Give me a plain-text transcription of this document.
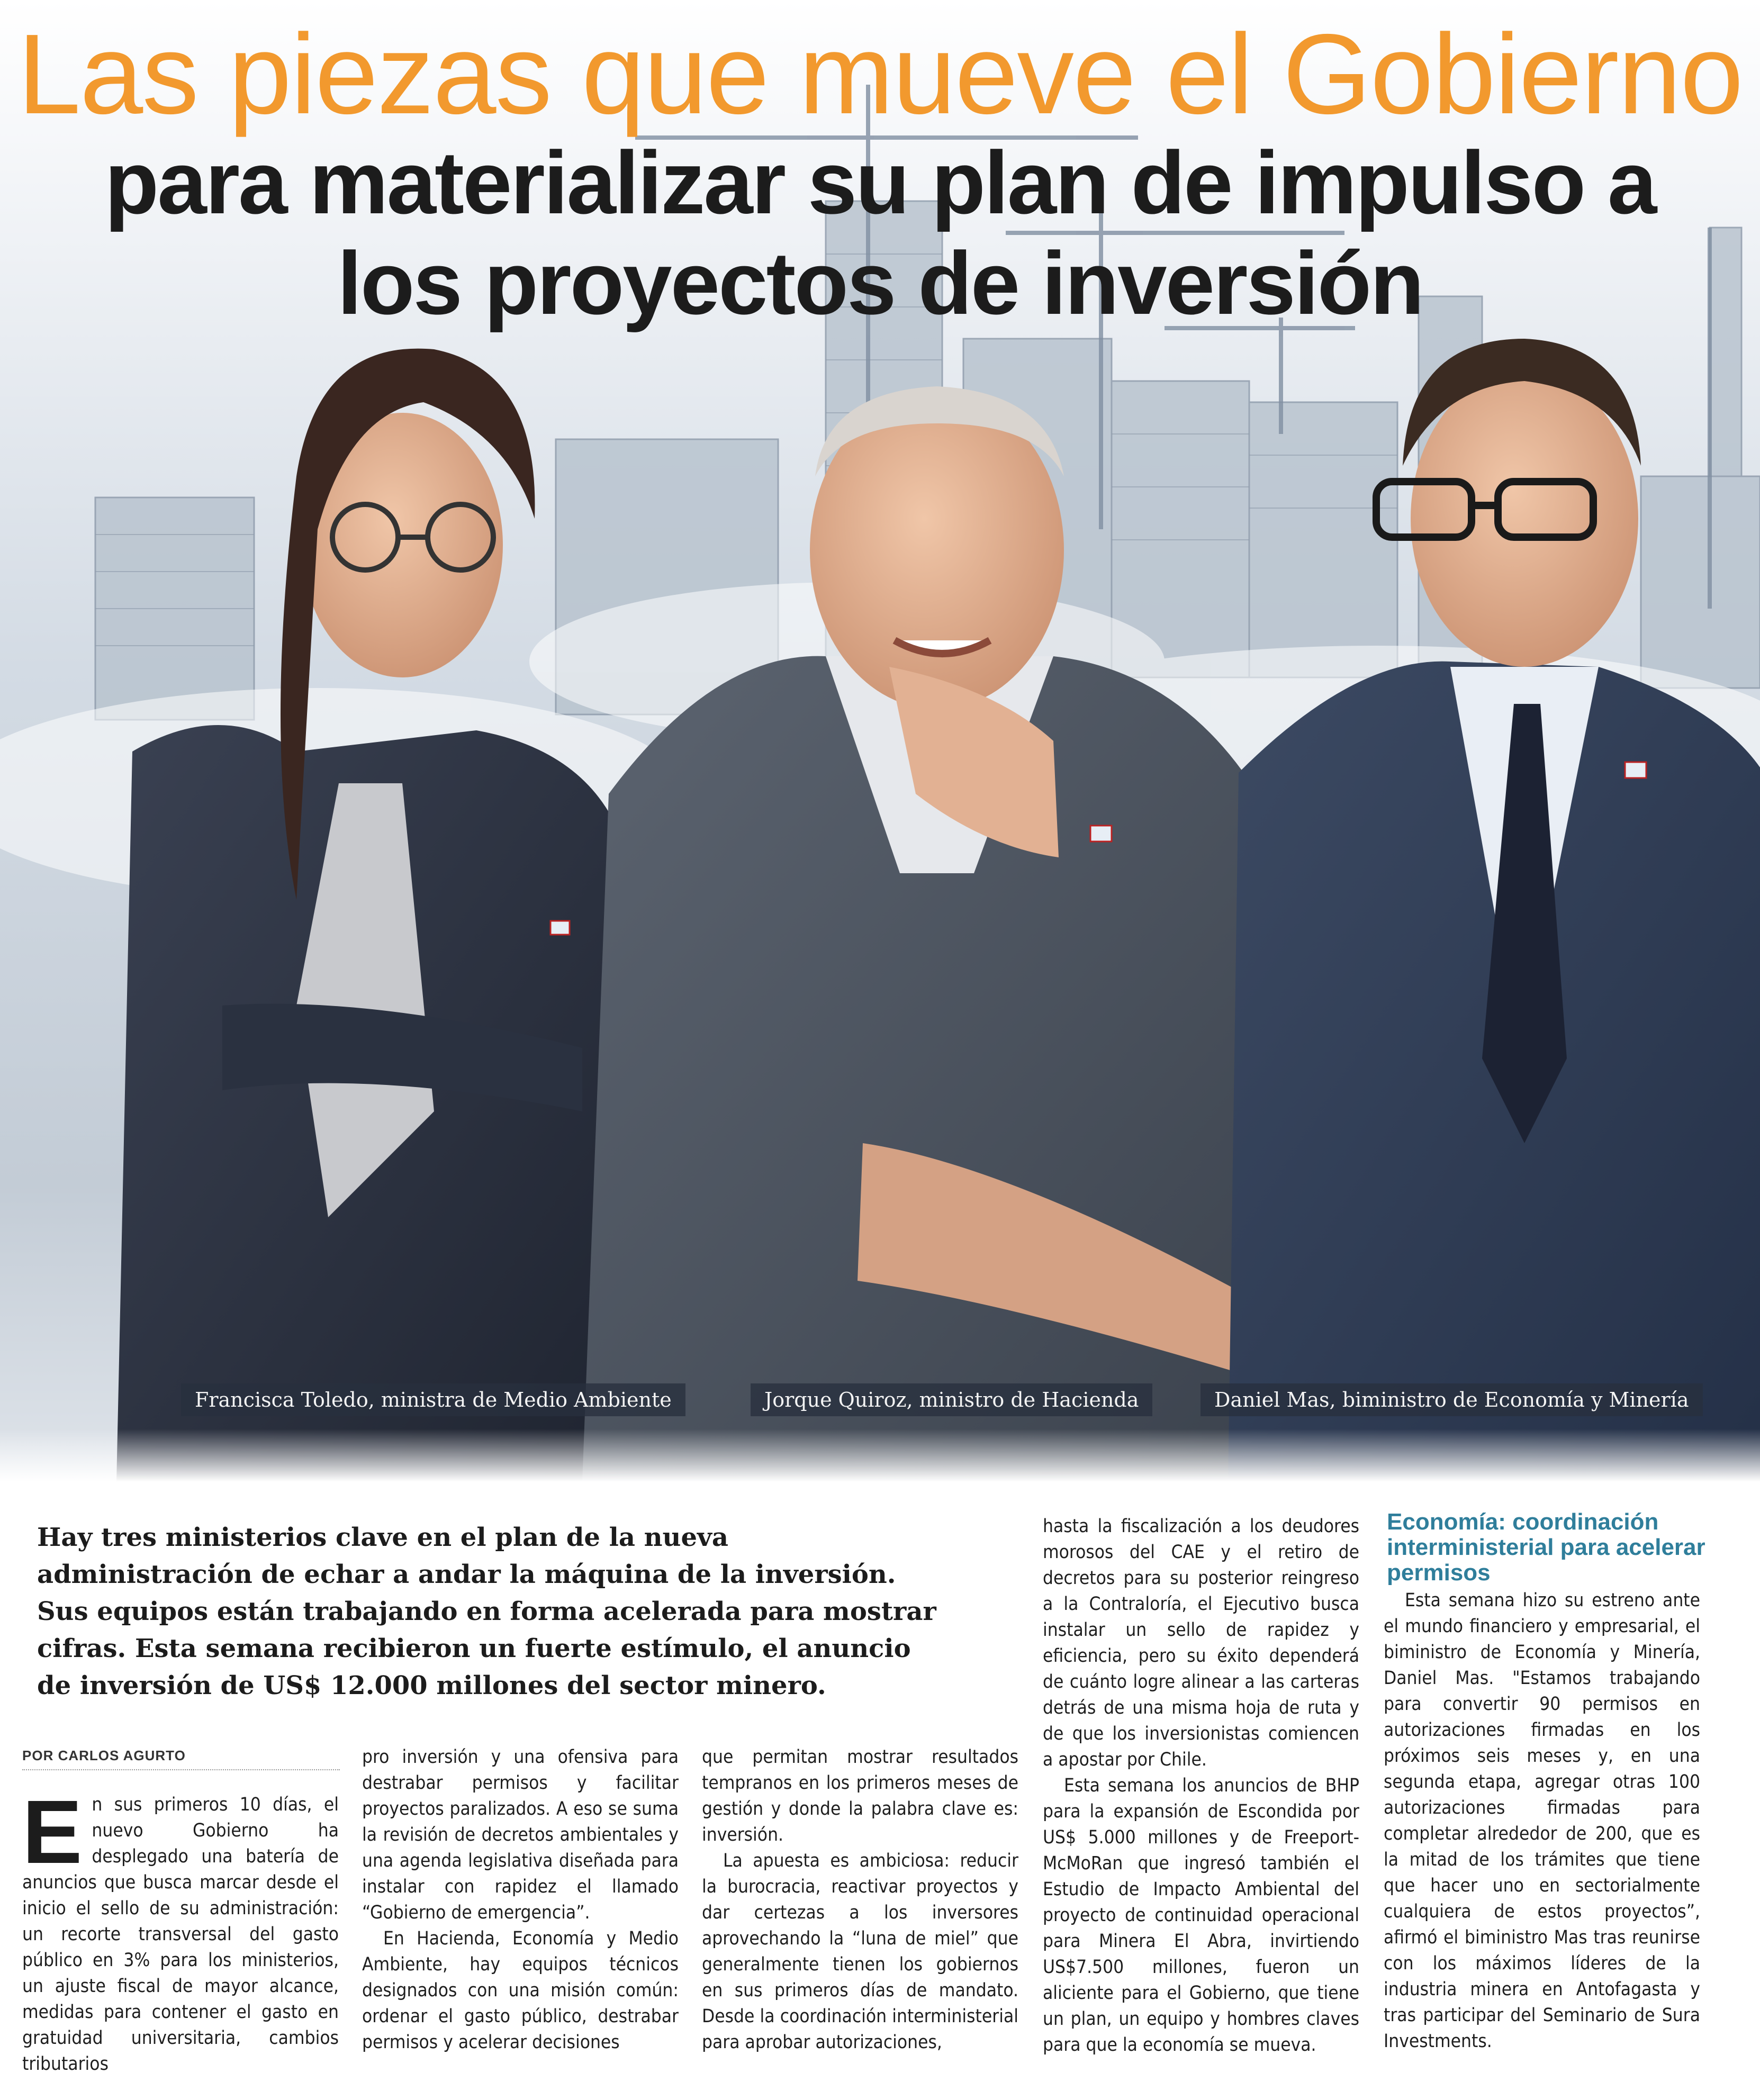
Las piezas que mueve el Gobierno
para materializar su plan de impulso a los proyectos de inversión
Francisca Toledo, ministra de Medio Ambiente	Jorque Quiroz, ministro de Hacienda	Daniel Mas, biministro de Economía y Minería
Hay tres ministerios clave en el plan de la nueva administración de echar a andar la máquina de la inversión. Sus equipos están trabajando en forma acelerada para mostrar cifras. Esta semana recibieron un fuerte estímulo, el anuncio de inversión de US$ 12.000 millones del sector minero.
POR CARLOS AGURTO
E n sus primeros 10 días, el nuevo Gobierno ha desplegado una batería de anuncios que busca marcar desde el inicio el sello de su administración: un recorte transversal del gasto público en 3% para los ministerios, un ajuste fiscal de mayor alcance, medidas para contener el gasto en gratuidad universitaria, cambios tributarios

pro inversión y una ofensiva para destrabar permisos y facilitar proyectos paralizados. A eso se suma la revisión de decretos ambientales y una agenda legislativa diseñada para instalar con rapidez el llamado “Gobierno de emergencia”.

En Hacienda, Economía y Medio Ambiente, hay equipos técnicos designados con una misión común: ordenar el gasto público, destrabar permisos y acelerar decisiones

que permitan mostrar resultados tempranos en los primeros meses de gestión y donde la palabra clave es: inversión.

La apuesta es ambiciosa: reducir la burocracia, reactivar proyectos y dar certezas a los inversores aprovechando la “luna de miel” que generalmente tienen los gobiernos en sus primeros días de mandato. Desde la coordinación interministerial para aprobar autorizaciones,

hasta la fiscalización a los deudores morosos del CAE y el retiro de decretos para su posterior reingreso a la Contraloría, el Ejecutivo busca instalar un sello de rapidez y eficiencia, pero su éxito dependerá de cuánto logre alinear a las carteras detrás de una misma hoja de ruta y de que los inversionistas comiencen a apostar por Chile.

Esta semana los anuncios de BHP para la expansión de Escondida por US$ 5.000 millones y de Freeport-McMoRan que ingresó también el Estudio de Impacto Ambiental del proyecto de continuidad operacional para Minera El Abra, invirtiendo US$7.500 millones, fueron un aliciente para el Gobierno, que tiene un plan, un equipo y hombres claves para que la economía se mueva.

Economía: coordinación interministerial para acelerar permisos

Esta semana hizo su estreno ante el mundo financiero y empresarial, el biministro de Economía y Minería, Daniel Mas. "Estamos trabajando para convertir 90 permisos en autorizaciones firmadas en los próximos seis meses y, en una segunda etapa, agregar otras 100 autorizaciones firmadas para completar alrededor de 200, que es la mitad de los trámites que tiene que hacer uno en sectorialmente cualquiera de estos proyectos”, afirmó el biministro Mas tras reunirse con los máximos líderes de la industria minera en Antofagasta y tras participar del Seminario de Sura Investments.
